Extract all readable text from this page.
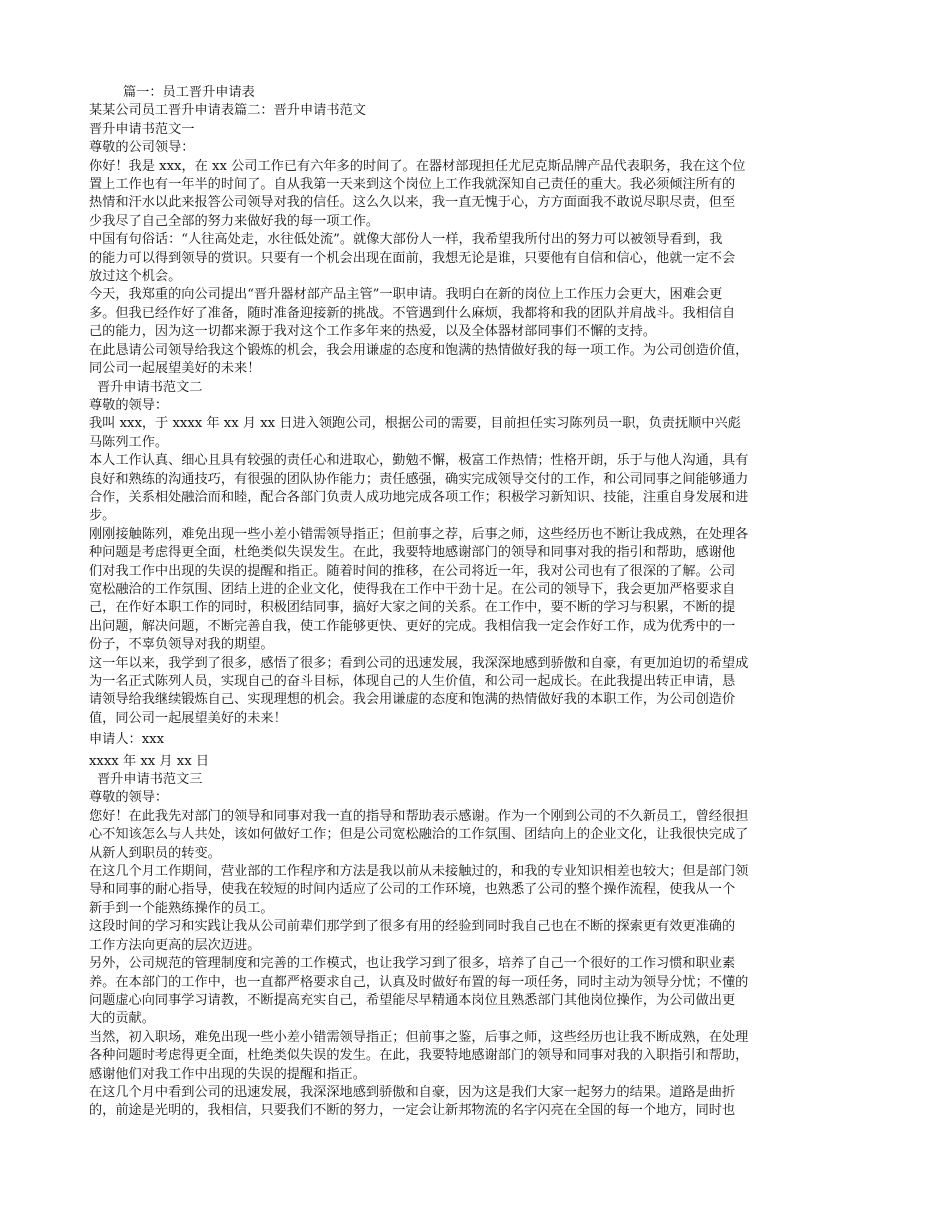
篇一：员工晋升申请表
某某公司员工晋升申请表篇二：晋升申请书范文
晋升申请书范文一
尊敬的公司领导：
你好！我是 xxx，在 xx 公司工作已有六年多的时间了。在器材部现担任尤尼克斯品牌产品代表职务，我在这个位
置上工作也有一年半的时间了。自从我第一天来到这个岗位上工作我就深知自己责任的重大。我必须倾注所有的
热情和汗水以此来报答公司领导对我的信任。这么久以来，我一直无愧于心，方方面面我不敢说尽职尽责，但至
少我尽了自己全部的努力来做好我的每一项工作。
中国有句俗话：“人往高处走，水往低处流”。就像大部份人一样，我希望我所付出的努力可以被领导看到，我
的能力可以得到领导的赏识。只要有一个机会出现在面前，我想无论是谁，只要他有自信和信心，他就一定不会
放过这个机会。
今天，我郑重的向公司提出“晋升器材部产品主管”一职申请。我明白在新的岗位上工作压力会更大，困难会更
多。但我已经作好了准备，随时准备迎接新的挑战。不管遇到什么麻烦，我都将和我的团队并肩战斗。我相信自
己的能力，因为这一切都来源于我对这个工作多年来的热爱，以及全体器材部同事们不懈的支持。
在此恳请公司领导给我这个锻炼的机会，我会用谦虚的态度和饱满的热情做好我的每一项工作。为公司创造价值，
同公司一起展望美好的未来！
晋升申请书范文二
尊敬的领导：
我叫 xxx，于 xxxx 年 xx 月 xx 日进入领跑公司，根据公司的需要，目前担任实习陈列员一职，负责抚顺中兴彪
马陈列工作。
本人工作认真、细心且具有较强的责任心和进取心，勤勉不懈，极富工作热情；性格开朗，乐于与他人沟通，具有
良好和熟练的沟通技巧，有很强的团队协作能力；责任感强，确实完成领导交付的工作，和公司同事之间能够通力
合作，关系相处融洽而和睦，配合各部门负责人成功地完成各项工作；积极学习新知识、技能，注重自身发展和进
步。
刚刚接触陈列，难免出现一些小差小错需领导指正；但前事之荐，后事之师，这些经历也不断让我成熟，在处理各
种问题是考虑得更全面，杜绝类似失误发生。在此，我要特地感谢部门的领导和同事对我的指引和帮助，感谢他
们对我工作中出现的失误的提醒和指正。随着时间的推移，在公司将近一年，我对公司也有了很深的了解。公司
宽松融洽的工作氛围、团结上进的企业文化，使得我在工作中干劲十足。在公司的领导下，我会更加严格要求自
己，在作好本职工作的同时，积极团结同事，搞好大家之间的关系。在工作中，要不断的学习与积累，不断的提
出问题，解决问题，不断完善自我，使工作能够更快、更好的完成。我相信我一定会作好工作，成为优秀中的一
份子，不辜负领导对我的期望。
这一年以来，我学到了很多，感悟了很多；看到公司的迅速发展，我深深地感到骄傲和自豪，有更加迫切的希望成
为一名正式陈列人员，实现自己的奋斗目标，体现自己的人生价值，和公司一起成长。在此我提出转正申请，恳
请领导给我继续锻炼自己、实现理想的机会。我会用谦虚的态度和饱满的热情做好我的本职工作，为公司创造价
值，同公司一起展望美好的未来！
申请人：xxx
xxxx 年 xx 月 xx 日
晋升申请书范文三
尊敬的领导：
您好！在此我先对部门的领导和同事对我一直的指导和帮助表示感谢。作为一个刚到公司的不久新员工，曾经很担
心不知该怎么与人共处，该如何做好工作；但是公司宽松融洽的工作氛围、团结向上的企业文化，让我很快完成了
从新人到职员的转变。
在这几个月工作期间，营业部的工作程序和方法是我以前从未接触过的，和我的专业知识相差也较大；但是部门领
导和同事的耐心指导，使我在较短的时间内适应了公司的工作环境，也熟悉了公司的整个操作流程，使我从一个
新手到一个能熟练操作的员工。
这段时间的学习和实践让我从公司前辈们那学到了很多有用的经验到同时我自己也在不断的探索更有效更准确的
工作方法向更高的层次迈进。
另外，公司规范的管理制度和完善的工作模式，也让我学习到了很多，培养了自己一个很好的工作习惯和职业素
养。在本部门的工作中，也一直都严格要求自己，认真及时做好布置的每一项任务，同时主动为领导分忧；不懂的
问题虚心向同事学习请教，不断提高充实自己，希望能尽早精通本岗位且熟悉部门其他岗位操作，为公司做出更
大的贡献。
当然，初入职场，难免出现一些小差小错需领导指正；但前事之鉴，后事之师，这些经历也让我不断成熟，在处理
各种问题时考虑得更全面，杜绝类似失误的发生。在此，我要特地感谢部门的领导和同事对我的入职指引和帮助，
感谢他们对我工作中出现的失误的提醒和指正。
在这几个月中看到公司的迅速发展，我深深地感到骄傲和自豪，因为这是我们大家一起努力的结果。道路是曲折
的，前途是光明的，我相信，只要我们不断的努力，一定会让新邦物流的名字闪亮在全国的每一个地方，同时也
